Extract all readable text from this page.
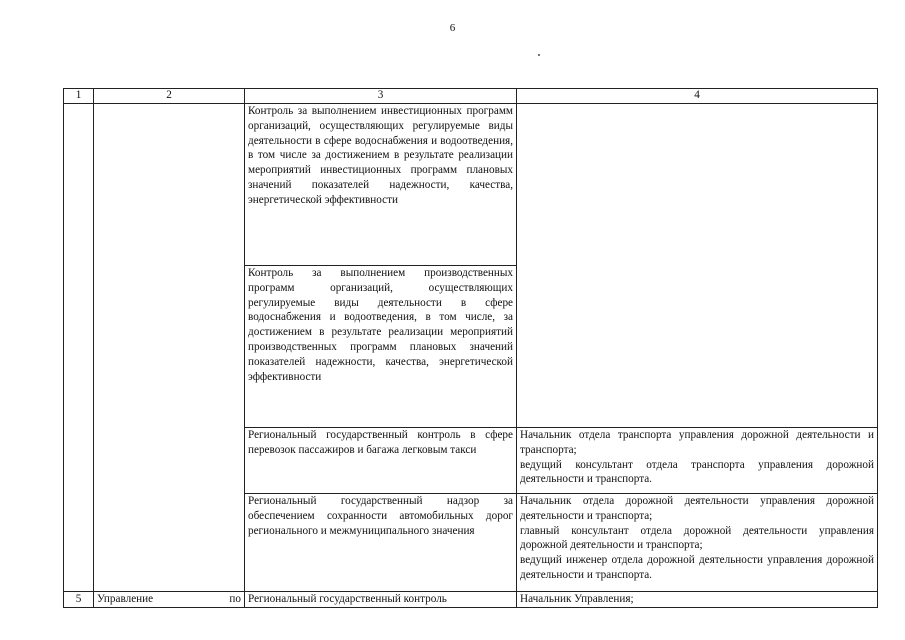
6
1	2	3	4
		Контроль за выполнением инвестиционных программ организаций, осуществляющих регулируемые виды деятельности в сфере водоснабжения и водоотведения, в том числе за достижением в результате реализации мероприятий инвестиционных программ плановых значений показателей надежности, качества, энергетической эффективности	
		Контроль за выполнением производственных программ организаций, осуществляющих регулируемые виды деятельности в сфере водоснабжения и водоотведения, в том числе, за достижением в результате реализации мероприятий производственных программ плановых значений показателей надежности, качества, энергетической эффективности	
		Региональный государственный контроль в сфере перевозок пассажиров и багажа легковым такси	Начальник отдела транспорта управления дорожной деятельности и транспорта;
ведущий консультант отдела транспорта управления дорожной деятельности и транспорта.

		Региональный государственный надзор за обеспечением сохранности автомобильных дорог регионального и межмуниципального значения	Начальник отдела дорожной деятельности управления дорожной деятельности и транспорта;
главный консультант отдела дорожной деятельности управления дорожной деятельности и транспорта;
ведущий инженер отдела дорожной деятельности управления дорожной деятельности и транспорта.

5	Управление по	Региональный государственный контроль	Начальник Управления;
